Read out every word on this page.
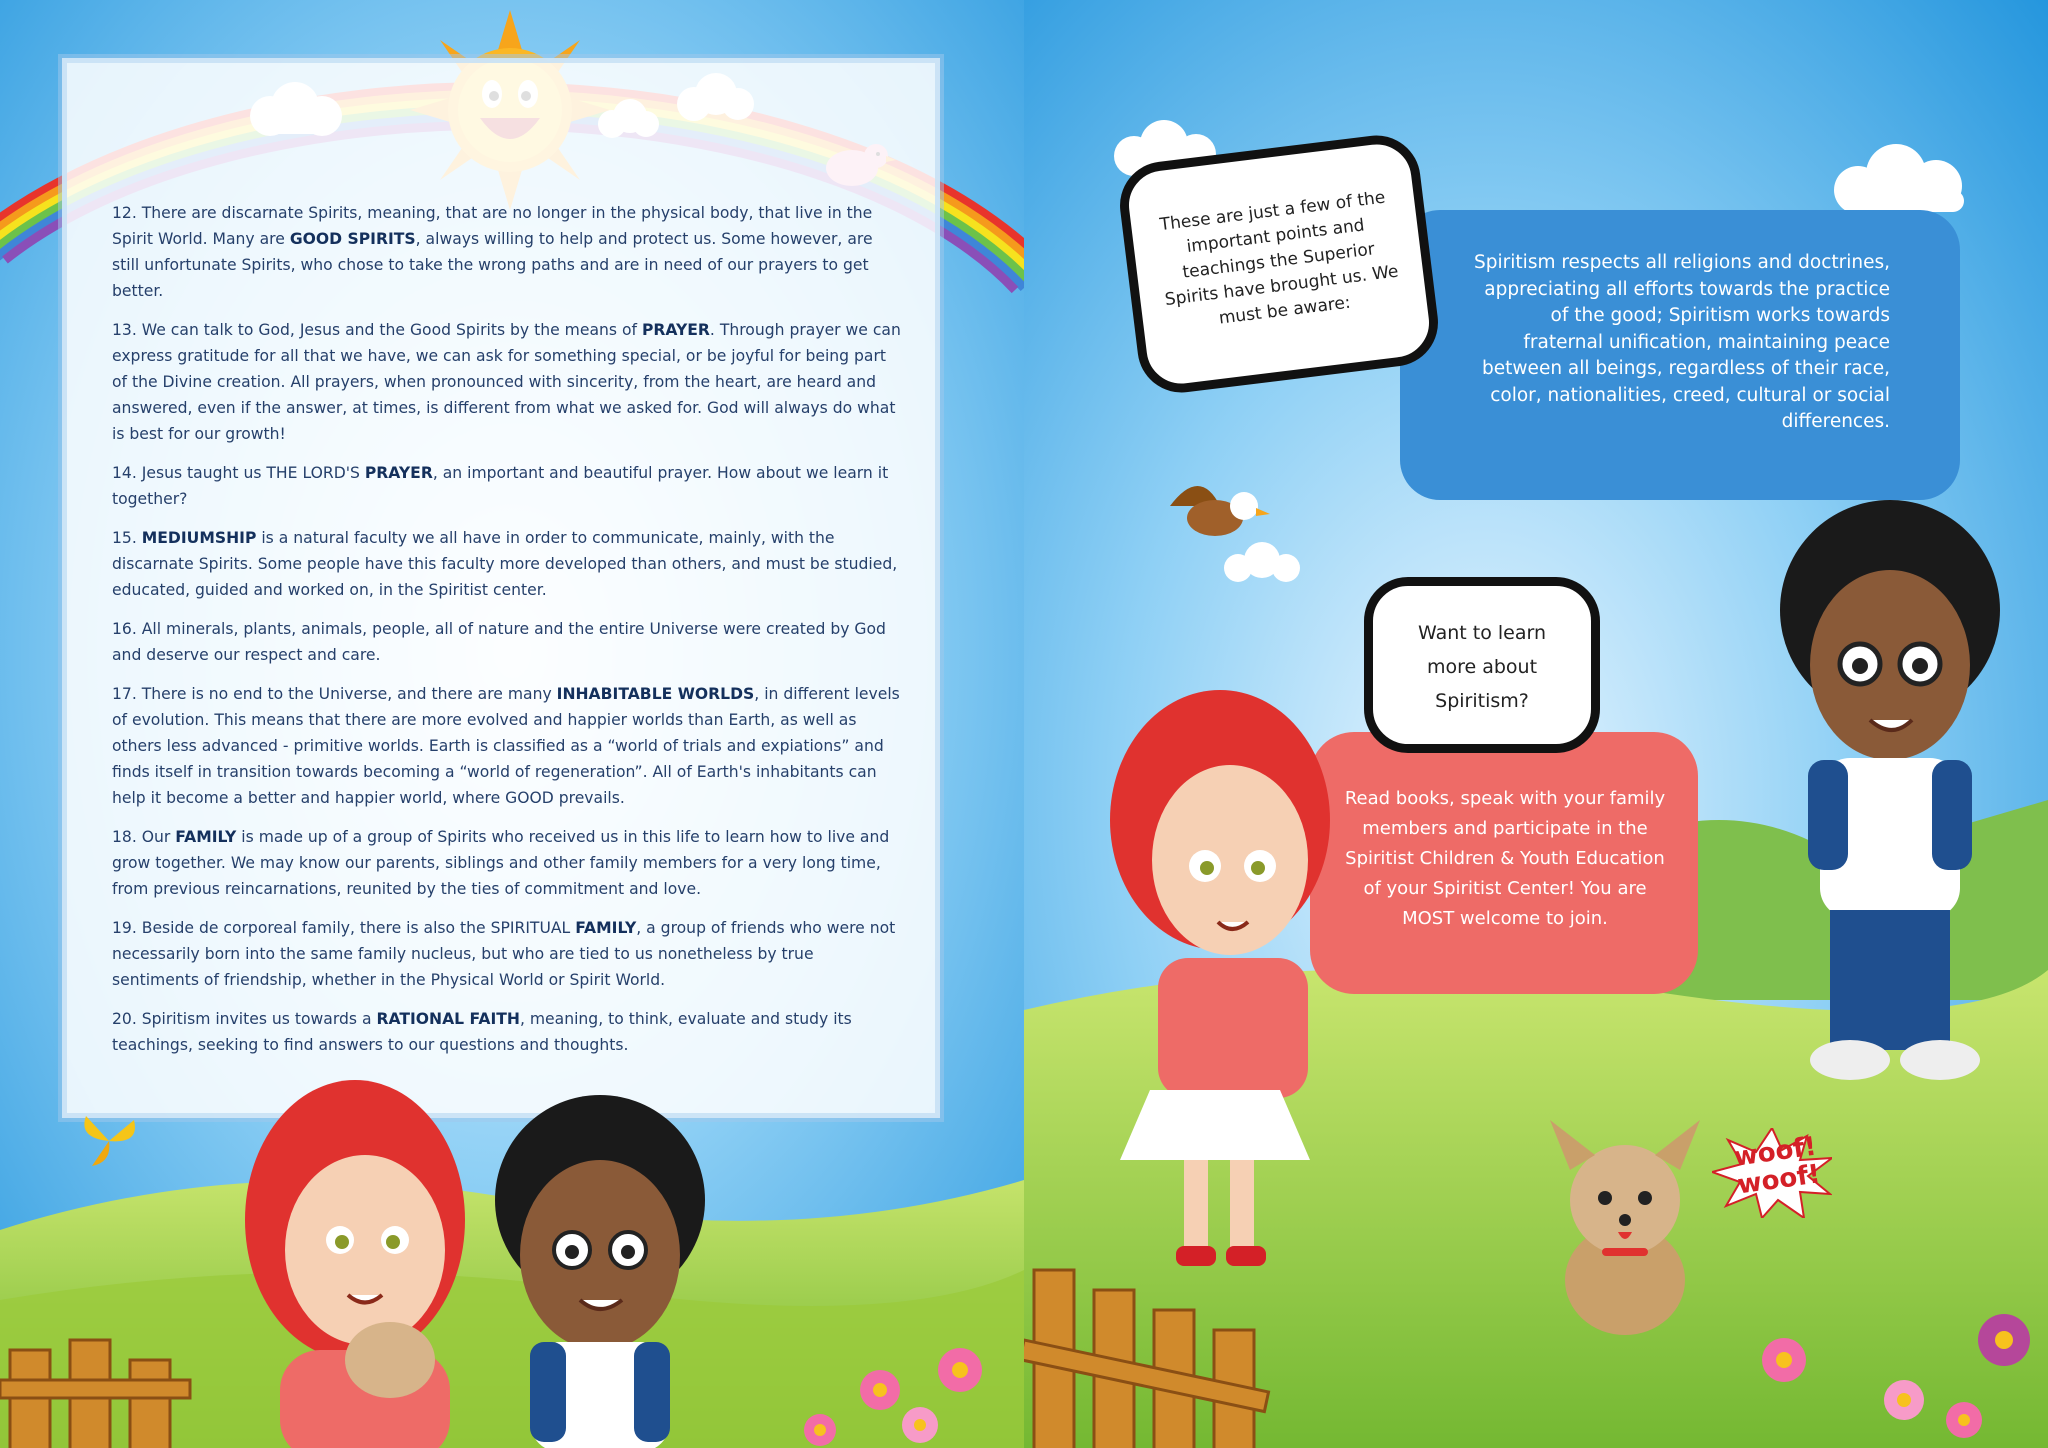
12. There are discarnate Spirits, meaning, that are no longer in the physical body, that live in the Spirit World. Many are GOOD SPIRITS, always willing to help and protect us. Some however, are still unfortunate Spirits, who chose to take the wrong paths and are in need of our prayers to get better.
13. We can talk to God, Jesus and the Good Spirits by the means of PRAYER. Through prayer we can express gratitude for all that we have, we can ask for something special, or be joyful for being part of the Divine creation. All prayers, when pronounced with sincerity, from the heart, are heard and answered, even if the answer, at times, is different from what we asked for. God will always do what is best for our growth!
14. Jesus taught us THE LORD'S PRAYER, an important and beautiful prayer. How about we learn it together?
15. MEDIUMSHIP is a natural faculty we all have in order to communicate, mainly, with the discarnate Spirits. Some people have this faculty more developed than others, and must be studied, educated, guided and worked on, in the Spiritist center.
16. All minerals, plants, animals, people, all of nature and the entire Universe were created by God and deserve our respect and care.
17. There is no end to the Universe, and there are many INHABITABLE WORLDS, in different levels of evolution. This means that there are more evolved and happier worlds than Earth, as well as others less advanced - primitive worlds. Earth is classified as a “world of trials and expiations” and finds itself in transition towards becoming a “world of regeneration”. All of Earth's inhabitants can help it become a better and happier world, where GOOD prevails.
18. Our FAMILY is made up of a group of Spirits who received us in this life to learn how to live and grow together. We may know our parents, siblings and other family members for a very long time, from previous reincarnations, reunited by the ties of commitment and love.
19. Beside de corporeal family, there is also the SPIRITUAL FAMILY, a group of friends who were not necessarily born into the same family nucleus, but who are tied to us nonetheless by true sentiments of friendship, whether in the Physical World or Spirit World.
20. Spiritism invites us towards a RATIONAL FAITH, meaning, to think, evaluate and study its teachings, seeking to find answers to our questions and thoughts.

Spiritism respects all religions and doctrines, appreciating all efforts towards the practice of the good; Spiritism works towards fraternal unification, maintaining peace between all beings, regardless of their race, color, nationalities, creed, cultural or social differences.

These are just a few of the important points and teachings the Superior Spirits have brought us. We must be aware:

Read books, speak with your family members and participate in the Spiritist Children & Youth Education of your Spiritist Center! You are MOST welcome to join.

Want to learn more about Spiritism?
woof! woof!
